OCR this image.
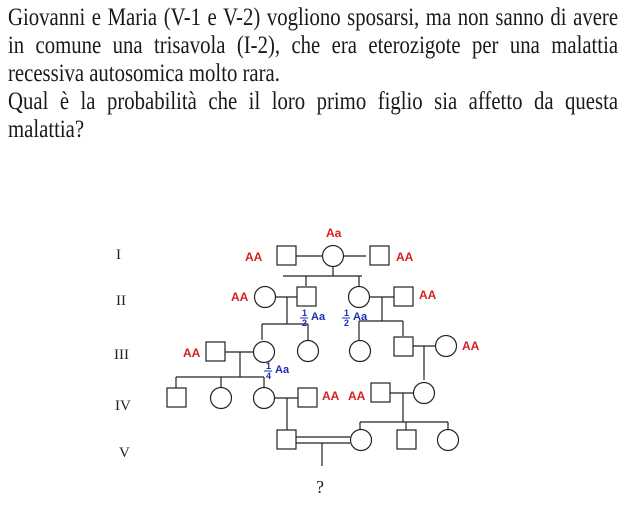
Giovanni e Maria (V-1 e V-2) vogliono sposarsi, ma non sanno di avere in comune una trisavola (I-2), che era eterozigote per una malattia recessiva autosomica molto rara.

Qual è la probabilità che il loro primo figlio sia affetto da questa malattia?

I
II
III
IV
V
?
Aa
AA	AA
AA	AA
AA	AA
AA AA
1
2 Aa 1
2 Aa
1
4 Aa
